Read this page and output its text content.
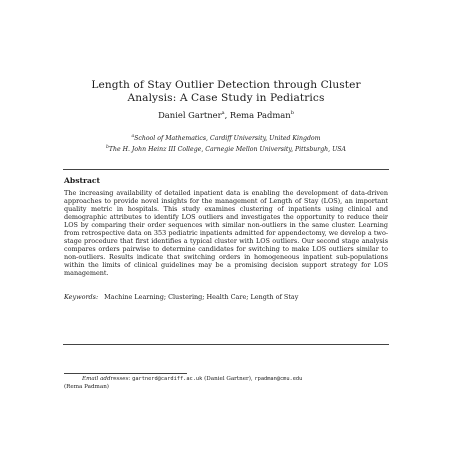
Length of Stay Outlier Detection through Cluster
Analysis: A Case Study in Pediatrics
Daniel Gartner$^a$, Rema Padman$^b$
$^a$School of Mathematics, Cardiff University, United Kingdom
$^b$The H. John Heinz III College, Carnegie Mellon University, Pittsburgh, USA
Abstract
The increasing availability of detailed inpatient data is enabling the development of data-driven approaches to provide novel insights for the management of Length of Stay (LOS), an important quality metric in hospitals. This study examines clustering of inpatients using clinical and demographic attributes to identify LOS outliers and investigates the opportunity to reduce their LOS by comparing their order sequences with similar non-outliers in the same cluster. Learning from retrospective data on 353 pediatric inpatients admitted for appendectomy, we develop a two-stage procedure that first identifies a typical cluster with LOS outliers. Our second stage analysis compares orders pairwise to determine candidates for switching to make LOS outliers similar to non-outliers. Results indicate that switching orders in homogeneous inpatient sub-populations within the limits of clinical guidelines may be a promising decision support strategy for LOS management.
Keywords: Machine Learning; Clustering; Health Care; Length of Stay
Email addresses: gartnerd@cardiff.ac.uk (Daniel Gartner), rpadman@cmu.edu
(Rema Padman)
